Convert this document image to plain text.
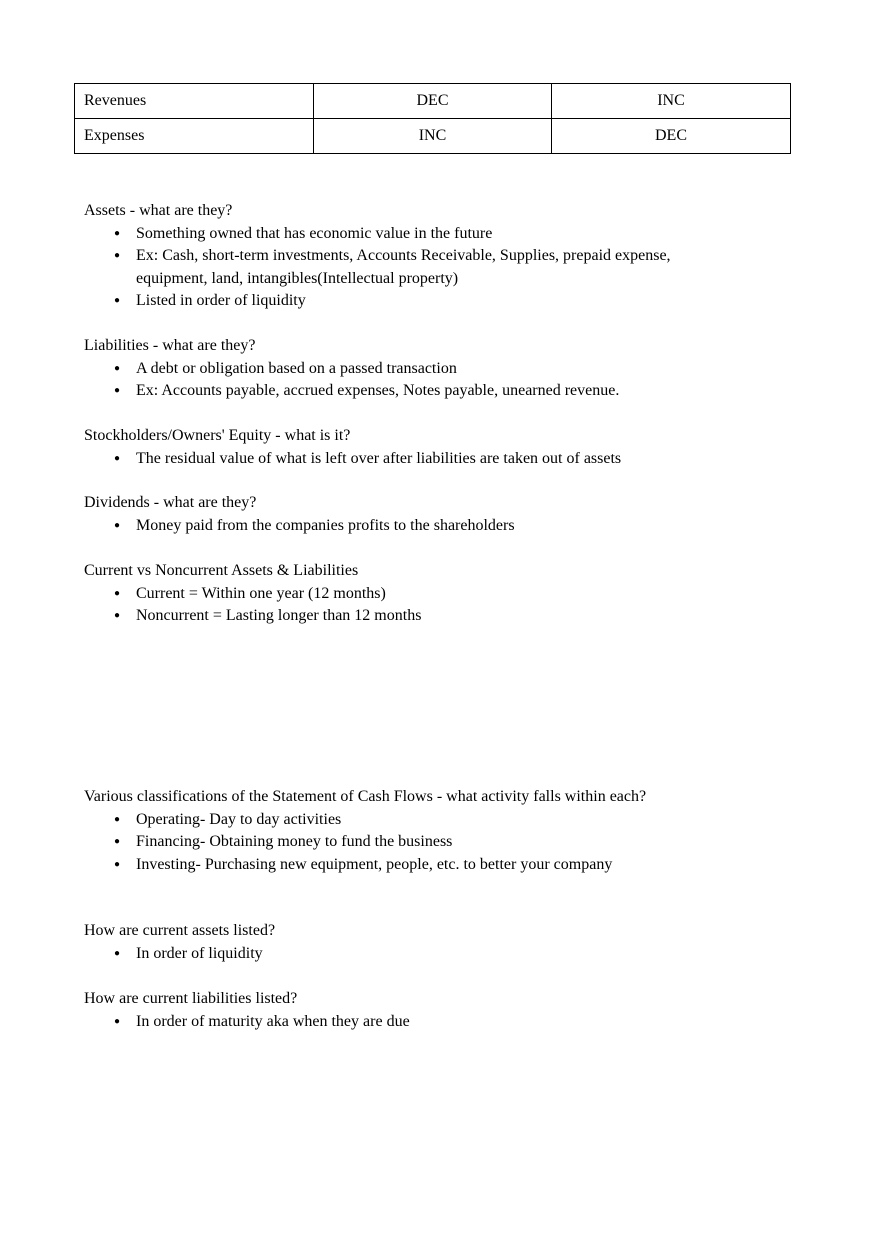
Revenues	DEC	INC
Expenses	INC	DEC

Assets - what are they?

● Something owned that has economic value in the future
● Ex: Cash, short-term investments, Accounts Receivable, Supplies, prepaid expense, equipment, land, intangibles(Intellectual property)
● Listed in order of liquidity

Liabilities - what are they?

● A debt or obligation based on a passed transaction
● Ex: Accounts payable, accrued expenses, Notes payable, unearned revenue.

Stockholders/Owners' Equity - what is it?

● The residual value of what is left over after liabilities are taken out of assets

Dividends - what are they?

● Money paid from the companies profits to the shareholders

Current vs Noncurrent Assets & Liabilities

● Current = Within one year (12 months)
● Noncurrent = Lasting longer than 12 months

Various classifications of the Statement of Cash Flows - what activity falls within each?

● Operating- Day to day activities
● Financing- Obtaining money to fund the business
● Investing- Purchasing new equipment, people, etc. to better your company

How are current assets listed?

● In order of liquidity

How are current liabilities listed?

● In order of maturity aka when they are due
